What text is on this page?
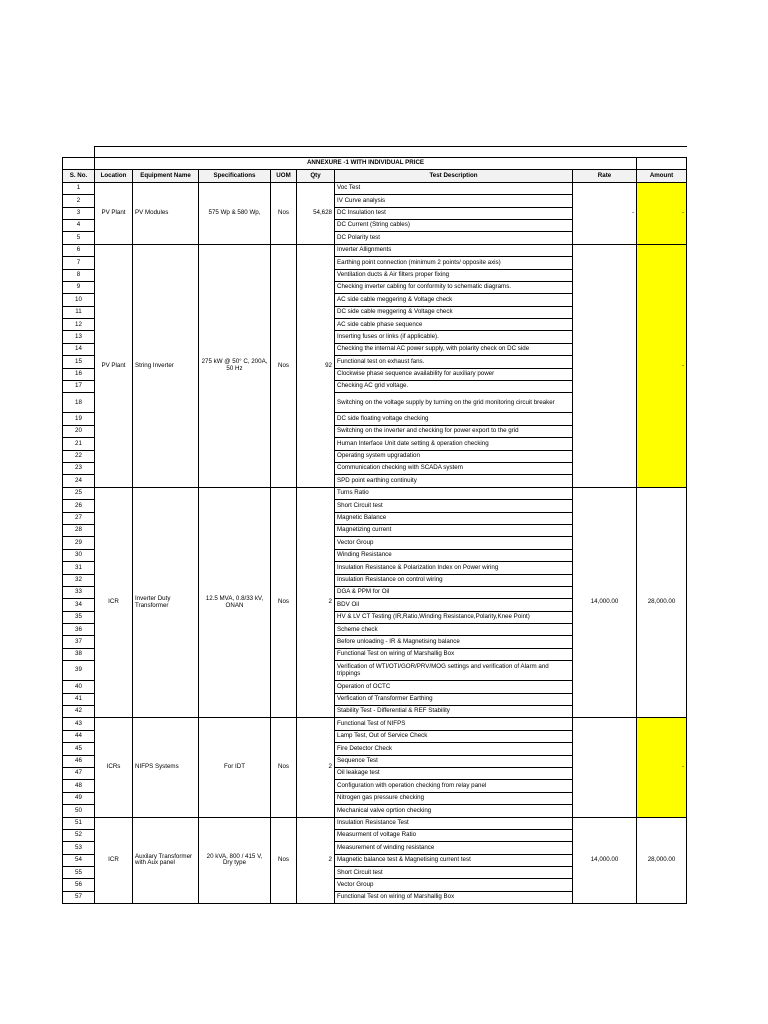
	ANNEXURE -1 WITH INDIVIDUAL PRICE							
S. No.	Location	Equipment Name	Specifications	UOM	Qty	Test Description	Rate	Amount
1	PV Plant	PV Modules	575 Wp & 580 Wp,	Nos	54,628	Voc Test	-	-
2						IV Curve analysis		
3						DC Insulation test		
4						DC Current (String cables)		
5						DC Polarity test		
6	PV Plant	String Inverter	275 kW @ 50° C, 200A, 50 Hz	Nos	92	Inverter Allignments		-
7						Earthing point connection (minimum 2 points/ opposite axis)		
8						Ventilation ducts & Air filters proper fixing		
9						Checking inverter cabling for conformity to schematic diagrams.		
10						AC side cable meggering & Voltage check		
11						DC side cable meggering & Voltage check		
12						AC side cable phase sequence		
13						Inserting fuses or links (if applicable).		
14						Checking the internal AC power supply, with polarity check on DC side		
15						Functional test on exhaust fans.		
16						Clockwise phase sequence availability for auxiliary power		
17						Checking AC grid voltage.		
18						Switching on the voltage supply by turning on the grid monitoring circuit breaker		
19						DC side floating voltage checking		
20						Switching on the inverter and checking for power export to the grid		
21						Human Interface Unit date setting & operation checking		
22						Operating system upgradation		
23						Communication checking with SCADA system		
24						SPD point earthing continuity		
25	ICR	Inverter Duty Transformer	12.5 MVA, 0.8/33 kV, ONAN	Nos	2	Turns Ratio	14,000.00	28,000.00
26						Short Circuit test		
27						Magnetic Balance		
28						Magnetizing current		
29						Vector Group		
30						Winding Resistance		
31						Insulation Resistance & Polarization Index on Power wiring		
32						Insulation Resistance on control wiring		
33						DGA & PPM for Oil		
34						BDV Oil		
35						HV & LV CT Testing (IR,Ratio,Winding Resistance,Polarity,Knee Point)		
36						Scheme check		
37						Before unloading - IR & Magnetising balance		
38						Functional Test on wiring of Marshallig Box		
39						Verification of WTI/OTI/GOR/PRV/MOG settings and verification of Alarm and trippings		
40						Operation of OCTC		
41						Verfication of Transformer Earthing		
42						Stability Test - Differential & REF Stability		
43	ICRs	NIFPS Systems	For IDT	Nos	2	Functional Test of NIFPS		-
44						Lamp Test, Out of Service Check		
45						Fire Detector Check		
46						Sequence Test		
47						Oil leakage test		
48						Configuration with operation checking from relay panel		
49						Nitrogen gas pressure checking		
50						Mechanical valve oprtion checking		
51	ICR	Auxilary Transformer with Aux panel	20 kVA, 800 / 415 V, Dry type	Nos	2	Insulation Resistance Test	14,000.00	28,000.00
52						Measurment of voltage Ratio		
53						Measurement of winding resistance		
54						Magnetic balance test & Magnetising current test		
55						Short Circuit test		
56						Vector Group		
57						Functional Test on wiring of Marshallig Box		
